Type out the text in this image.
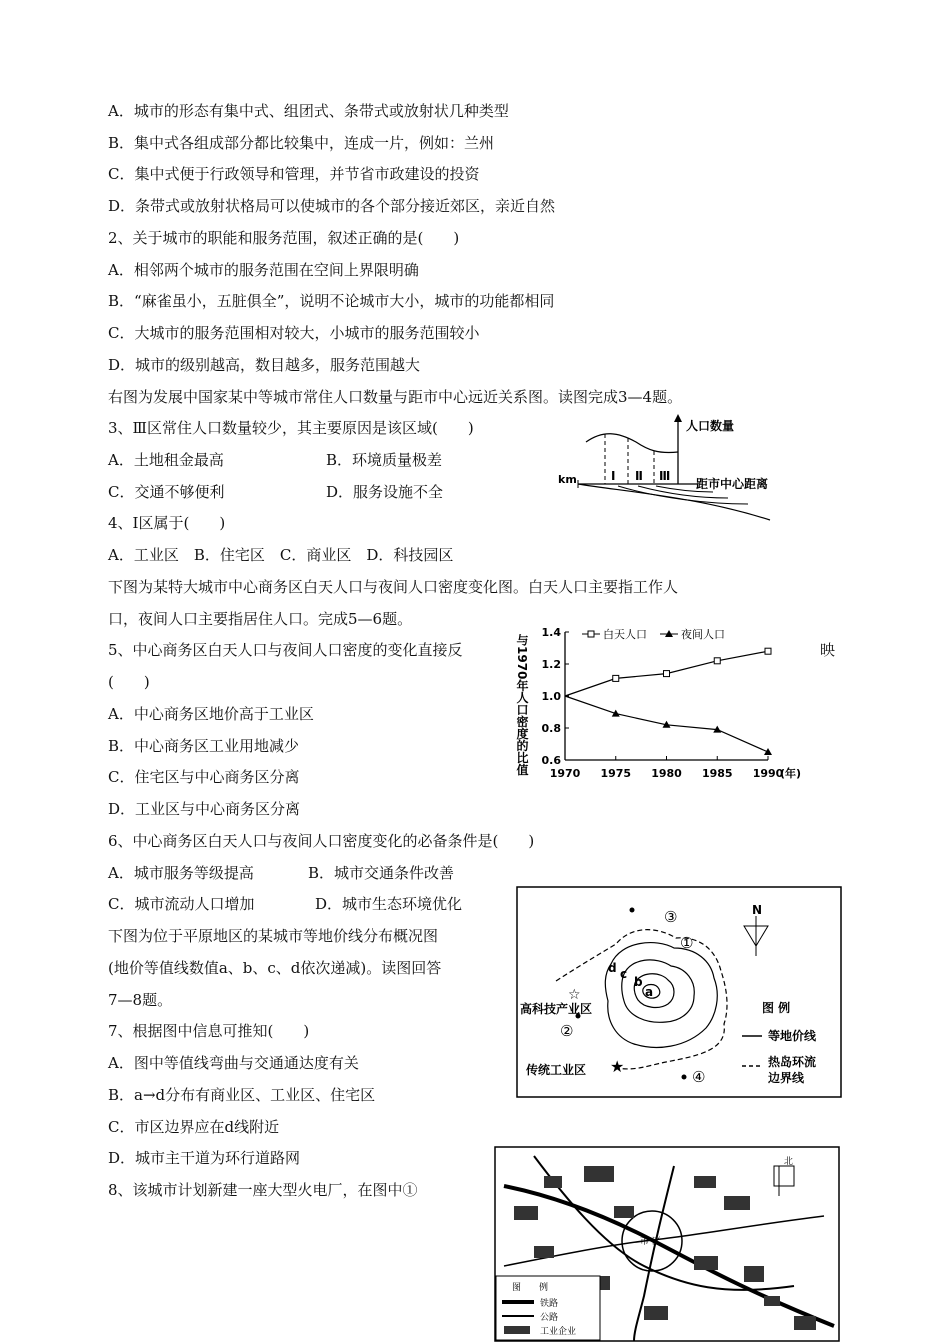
A．城市的形态有集中式、组团式、条带式或放射状几种类型
B．集中式各组成部分都比较集中，连成一片，例如：兰州
C．集中式便于行政领导和管理，并节省市政建设的投资
D．条带式或放射状格局可以使城市的各个部分接近郊区，亲近自然
2、关于城市的职能和服务范围，叙述正确的是(　　)
A．相邻两个城市的服务范围在空间上界限明确
B．“麻雀虽小，五脏俱全”，说明不论城市大小，城市的功能都相同
C．大城市的服务范围相对较大，小城市的服务范围较小
D．城市的级别越高，数目越多，服务范围越大
右图为发展中国家某中等城市常住人口数量与距市中心远近关系图。读图完成3—4题。
3、Ⅲ区常住人口数量较少，其主要原因是该区域(　　)
A．土地租金最高	B．环境质量极差
C．交通不够便利	D．服务设施不全
4、Ⅰ区属于(　　)
A．工业区　B．住宅区　C．商业区　D．科技园区
下图为某特大城市中心商务区白天人口与夜间人口密度变化图。白天人口主要指工作人
口，夜间人口主要指居住人口。完成5—6题。
5、中心商务区白天人口与夜间人口密度的变化直接反	映
(　　)
A．中心商务区地价高于工业区
B．中心商务区工业用地减少
C．住宅区与中心商务区分离
D．工业区与中心商务区分离
6、中心商务区白天人口与夜间人口密度变化的必备条件是(　　)
A．城市服务等级提高	B．城市交通条件改善
C．城市流动人口增加	D．城市生态环境优化
下图为位于平原地区的某城市等地价线分布概况图
(地价等值线数值a、b、c、d依次递减)。读图回答
7—8题。
7、根据图中信息可推知(　　)
A．图中等值线弯曲与交通通达度有关
B．a→d分布有商业区、工业区、住宅区
C．市区边界应在d线附近
D．城市主干道为环行道路网
8、该城市计划新建一座大型火电厂，在图中①
人口数量
km	距市中心距离
Ⅰ Ⅱ Ⅲ
与1970年人口密度的比值 0.6
0.8
1.0
1.2
1.4
1970 1975 1980 1985 1990
(年)
白天人口	夜间人口
③
①
②
④
a
b
c
d
☆
高科技产业区
传统工业区 ★
N
图 例
等地价线
热岛环流
边界线
市 区
北
图　　例
铁路
公路
工业企业
